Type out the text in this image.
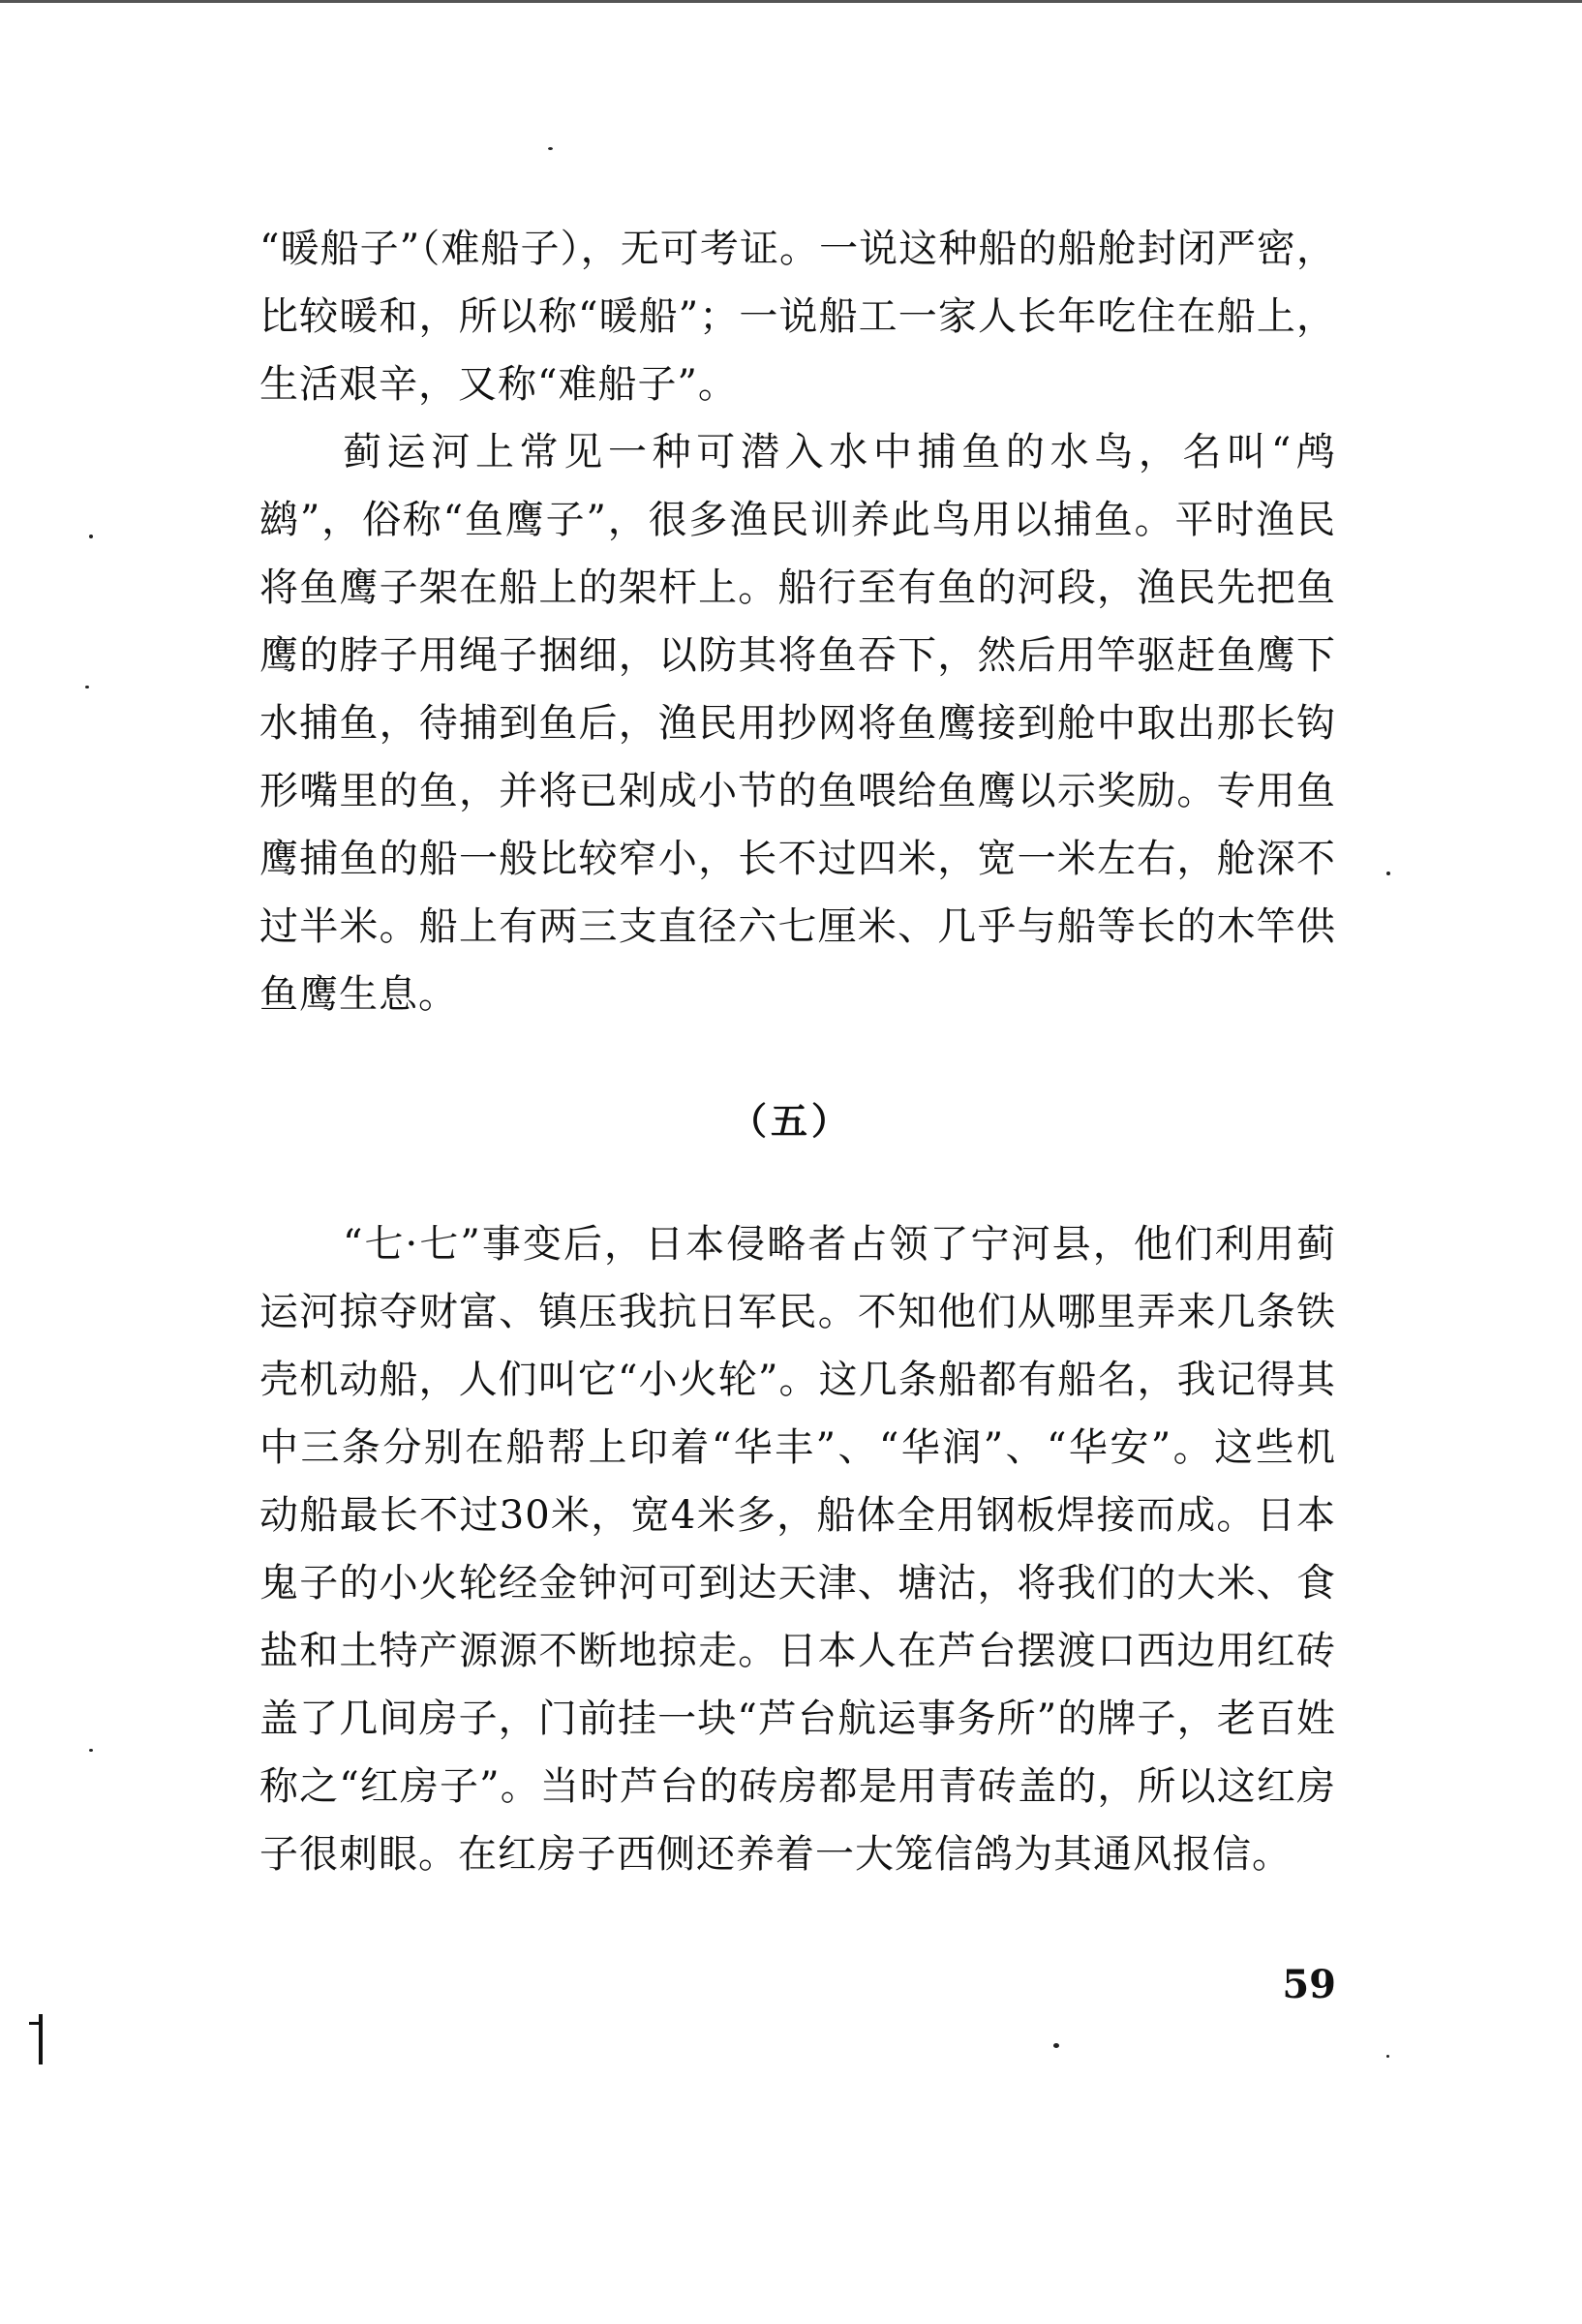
“暖船子”（难船子），无可考证。一说这种船的船舱封闭严密，比较暖和，所以称“暖船”；一说船工一家人长年吃住在船上，生活艰辛，又称“难船子”。

蓟运河上常见一种可潜入水中捕鱼的水鸟，名叫“鸬鹚”，俗称“鱼鹰子”，很多渔民训养此鸟用以捕鱼。平时渔民将鱼鹰子架在船上的架杆上。船行至有鱼的河段，渔民先把鱼鹰的脖子用绳子捆细，以防其将鱼吞下，然后用竿驱赶鱼鹰下水捕鱼，待捕到鱼后，渔民用抄网将鱼鹰接到舱中取出那长钩形嘴里的鱼，并将已剁成小节的鱼喂给鱼鹰以示奖励。专用鱼鹰捕鱼的船一般比较窄小，长不过四米，宽一米左右，舱深不过半米。船上有两三支直径六七厘米、几乎与船等长的木竿供鱼鹰生息。

（五）

“七·七”事变后，日本侵略者占领了宁河县，他们利用蓟运河掠夺财富、镇压我抗日军民。不知他们从哪里弄来几条铁壳机动船，人们叫它“小火轮”。这几条船都有船名，我记得其中三条分别在船帮上印着“华丰”、“华润”、“华安”。这些机动船最长不过30米，宽4米多，船体全用钢板焊接而成。日本鬼子的小火轮经金钟河可到达天津、塘沽，将我们的大米、食盐和土特产源源不断地掠走。日本人在芦台摆渡口西边用红砖盖了几间房子，门前挂一块“芦台航运事务所”的牌子，老百姓称之“红房子”。当时芦台的砖房都是用青砖盖的，所以这红房子很刺眼。在红房子西侧还养着一大笼信鸽为其通风报信。

59
